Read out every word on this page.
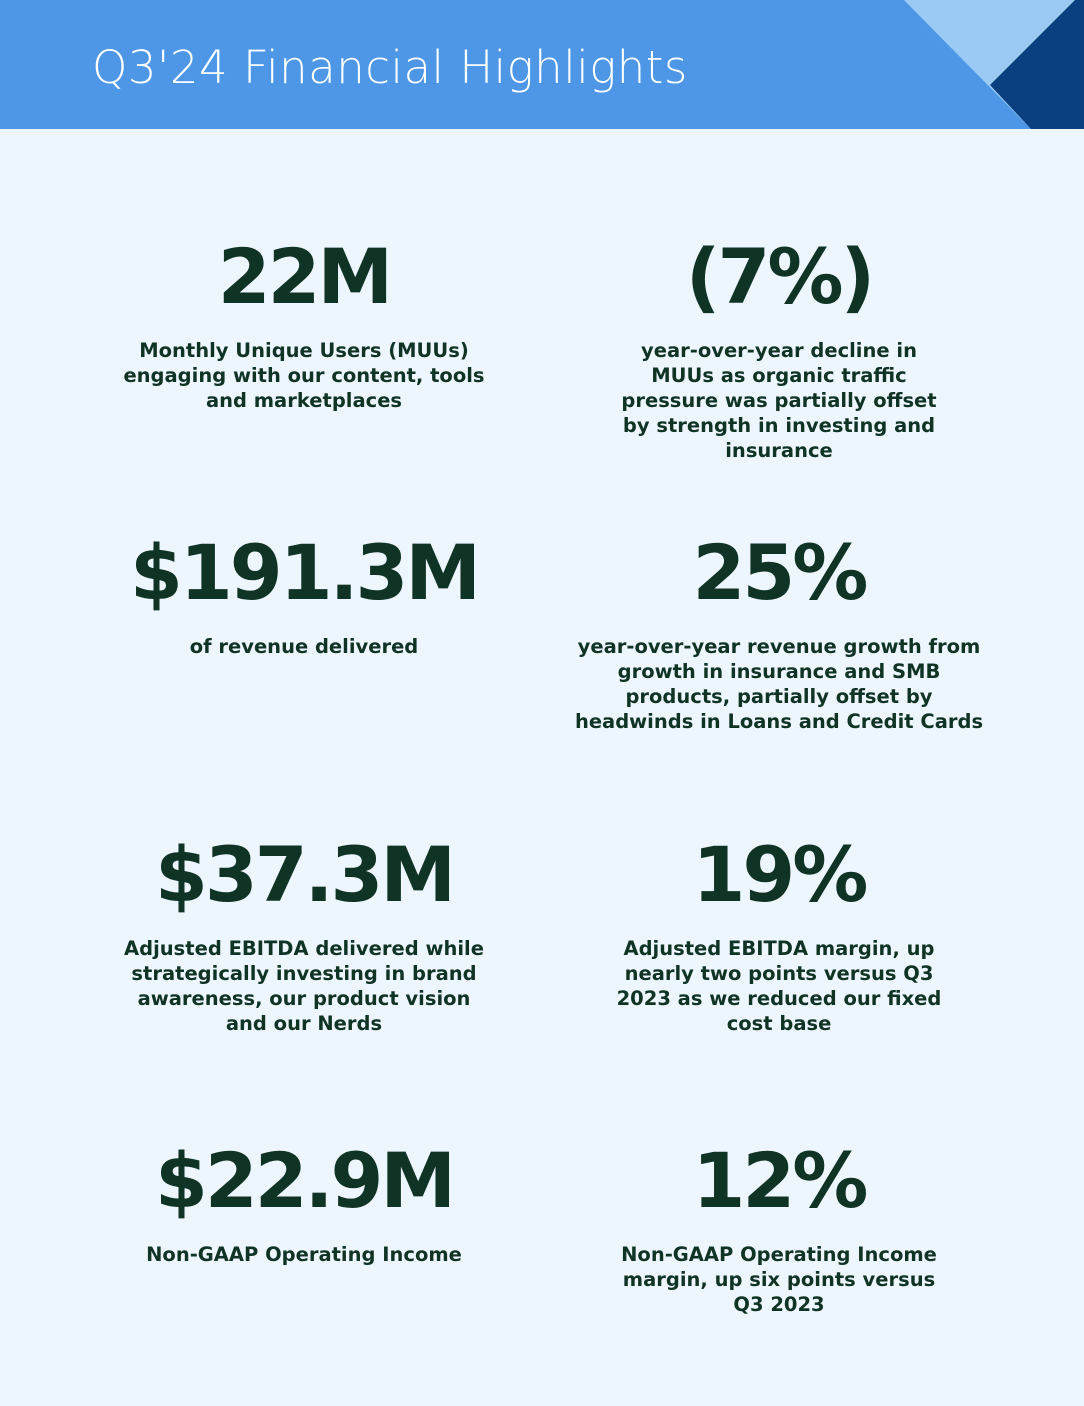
Q3'24 Financial Highlights
22M
Monthly Unique Users (MUUs) engaging with our content, tools and marketplaces
(7%)
year-over-year decline in MUUs as organic traffic pressure was partially offset by strength in investing and insurance
$191.3M
of revenue delivered
25%
year-over-year revenue growth from growth in insurance and SMB products, partially offset by headwinds in Loans and Credit Cards
$37.3M
Adjusted EBITDA delivered while strategically investing in brand awareness, our product vision and our Nerds
19%
Adjusted EBITDA margin, up nearly two points versus Q3 2023 as we reduced our fixed cost base
$22.9M
Non-GAAP Operating Income
12%
Non-GAAP Operating Income margin, up six points versus Q3 2023
